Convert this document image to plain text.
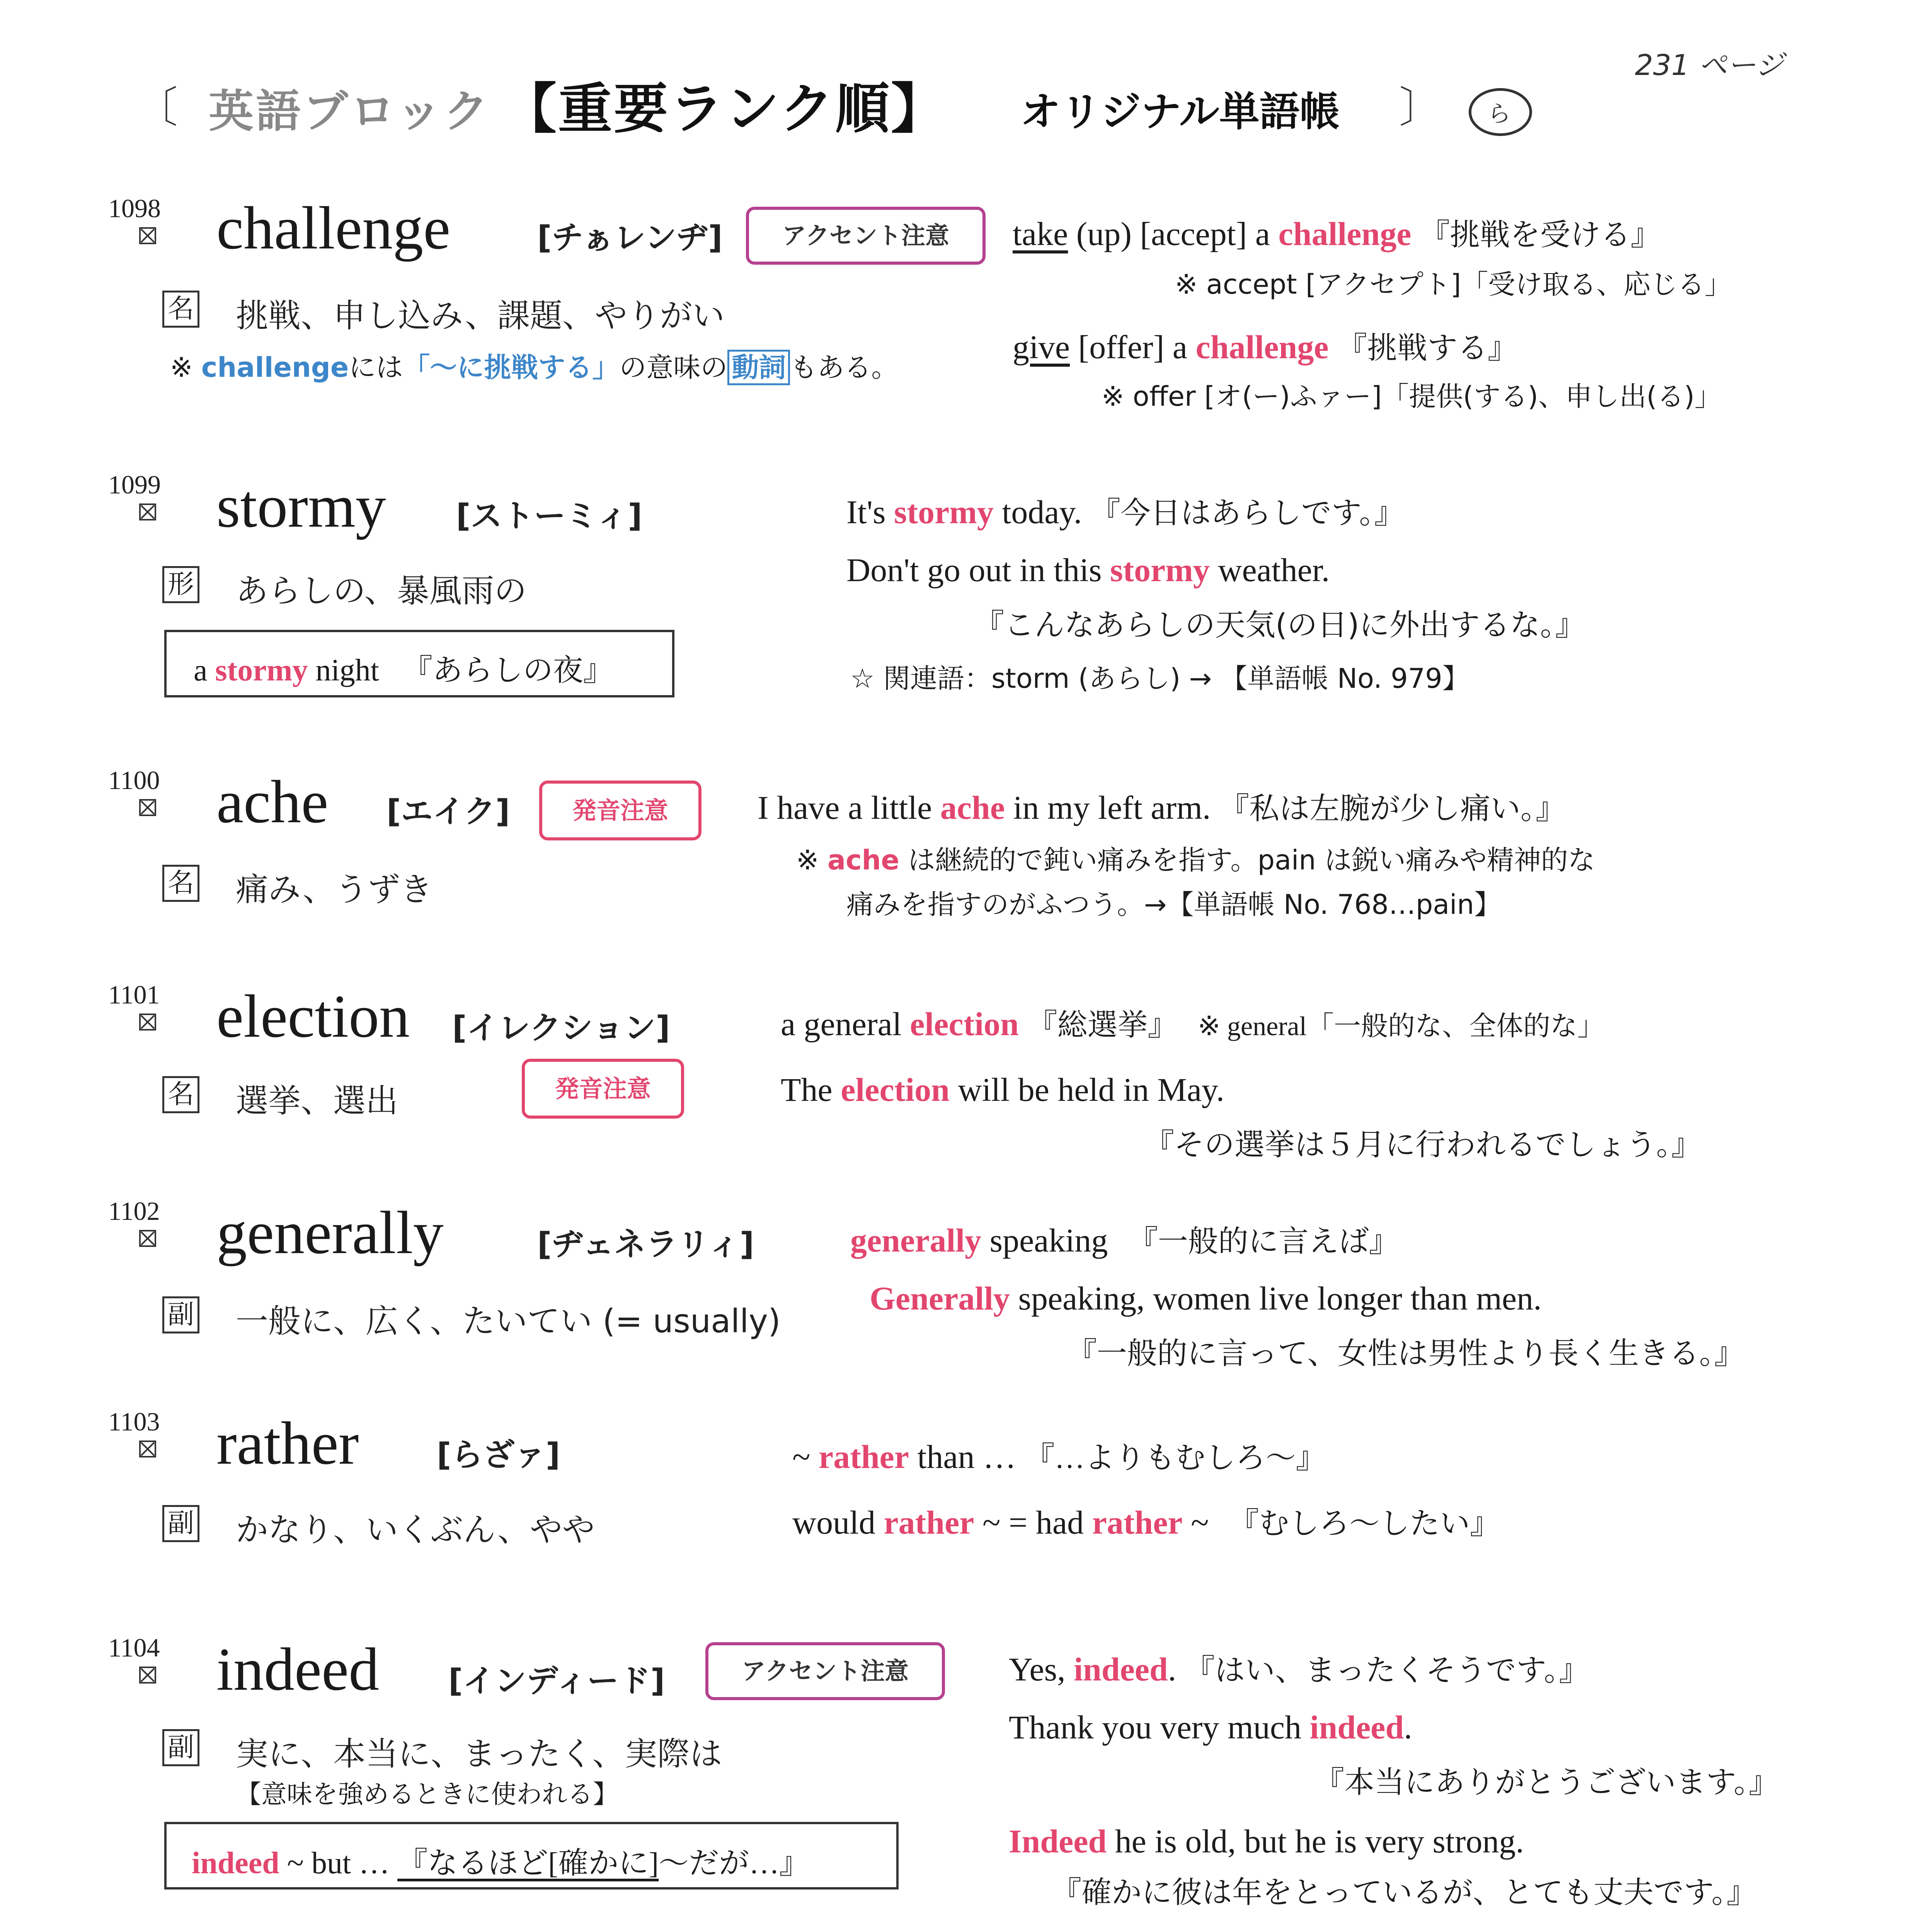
〔 英語ブロック 【重要ランク順】 オリジナル単語帳 〕 ら
231 ページ
1098 challenge	[チぁレンヂ]	アクセント注意
名 挑戦、申し込み、課題、やりがい
※ challengeには「〜に挑戦する」の意味の 動詞 もある。
take (up) [accept] a challenge 『挑戦を受ける』
※ accept [アクセプト]「受け取る、応じる」
give [offer] a challenge 『挑戦する』
※ offer [オ(ー)ふァー]「提供(する)、申し出(る)」
1099 stormy [ストーミィ]
形 あらしの、暴風雨の
a stormy night 『あらしの夜』
It's stormy today. 『今日はあらしです。』
Don't go out in this stormy weather.
『こんなあらしの天気(の日)に外出するな。』
☆ 関連語：storm (あらし) → 【単語帳 No. 979】
1100 ache [エイク]	発音注意
名 痛み、うずき
I have a little ache in my left arm. 『私は左腕が少し痛い。』
※ ache は継続的で鈍い痛みを指す。pain は鋭い痛みや精神的な
痛みを指すのがふつう。→【単語帳 No. 768…pain】
1101 election [イレクション]
名 選挙、選出	発音注意
a general election 『総選挙』 ※ general「一般的な、全体的な」
The election will be held in May.
『その選挙は５月に行われるでしょう。』
1102 generally	[ヂェネラリィ]
副 一般に、広く、たいてい (= usually)
generally speaking 『一般的に言えば』
Generally speaking, women live longer than men.
『一般的に言って、女性は男性より長く生きる。』
1103 rather [らざァ]
副 かなり、いくぶん、やや
~ rather than … 『…よりもむしろ〜』
would rather ~ = had rather ~ 『むしろ〜したい』
1104 indeed [インディード]	アクセント注意
副 実に、本当に、まったく、実際は
【意味を強めるときに使われる】
indeed ~ but … 『なるほど[確かに]〜だが…』
Yes, indeed. 『はい、まったくそうです。』
Thank you very much indeed.
『本当にありがとうございます。』
Indeed he is old, but he is very strong.
『確かに彼は年をとっているが、とても丈夫です。』
